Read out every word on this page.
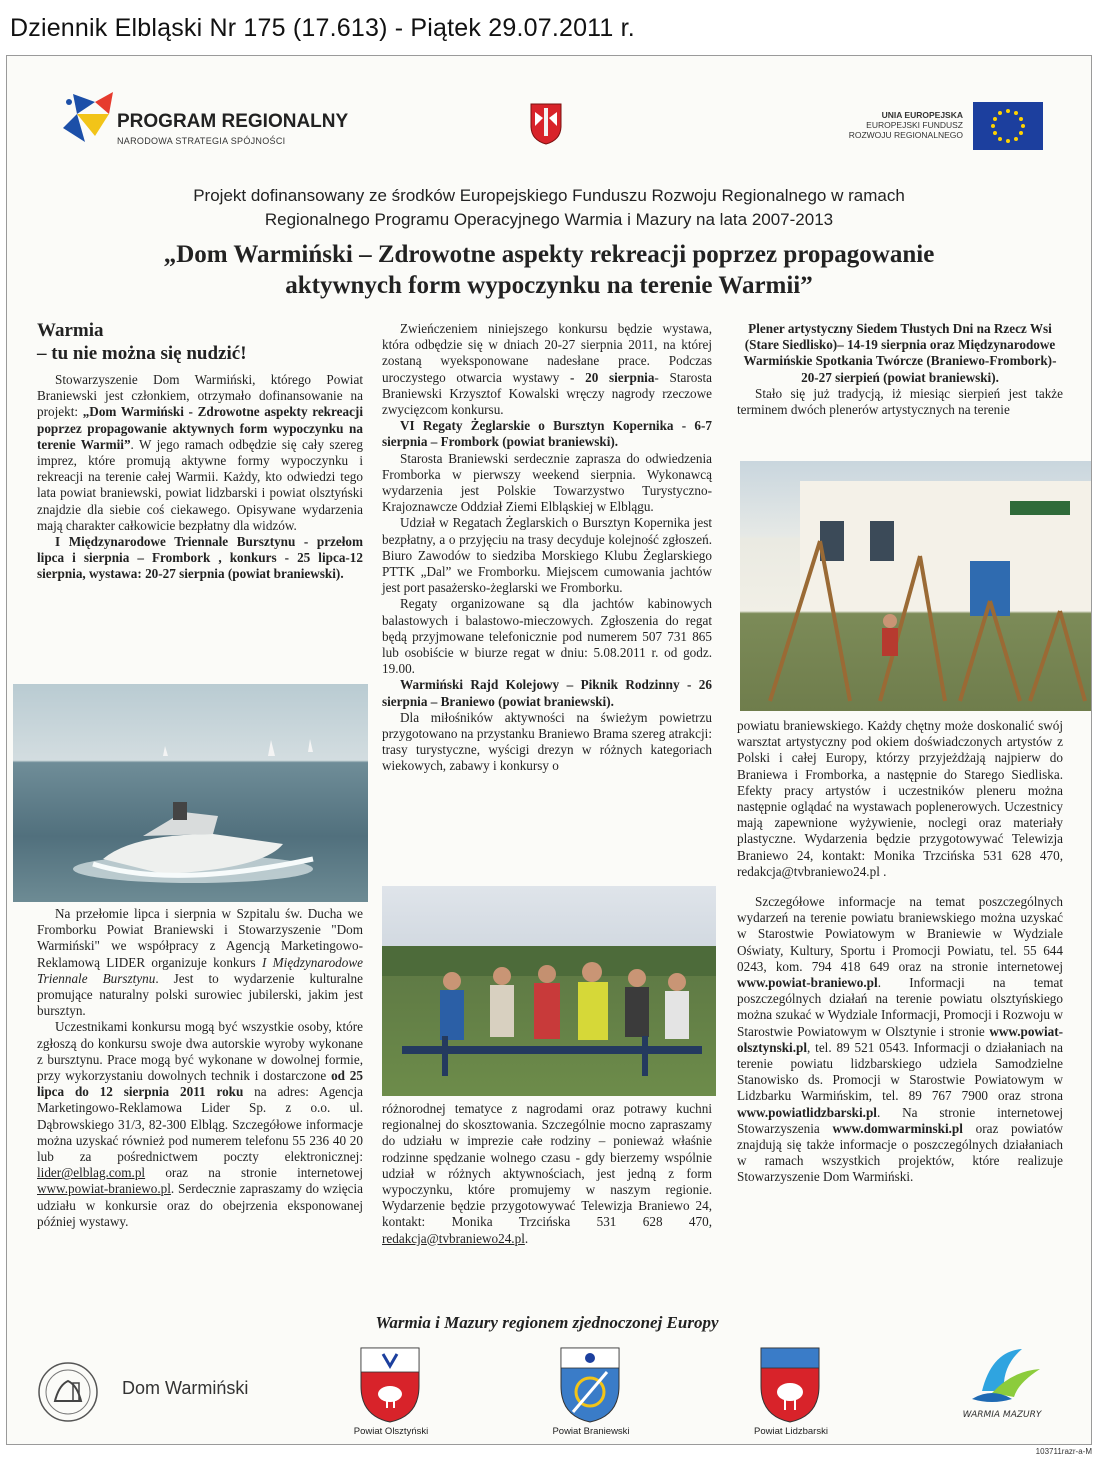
Dziennik Elbląski Nr 175 (17.613) - Piątek 29.07.2011 r.
PROGRAM REGIONALNY
NARODOWA STRATEGIA SPÓJNOŚCI
UNIA EUROPEJSKA
EUROPEJSKI FUNDUSZ
ROZWOJU REGIONALNEGO
Projekt dofinansowany ze środków Europejskiego Funduszu Rozwoju Regionalnego w ramach
Regionalnego Programu Operacyjnego Warmia i Mazury na lata 2007-2013
„Dom Warmiński – Zdrowotne aspekty rekreacji poprzez propagowanie
aktywnych form wypoczynku na terenie Warmii”
Warmia
– tu nie można się nudzić!

Stowarzyszenie Dom Warmiński, którego Powiat Braniewski jest członkiem, otrzymało dofinansowanie na projekt: „Dom Warmiński - Zdrowotne aspekty rekreacji poprzez propagowanie aktywnych form wypoczynku na terenie Warmii”. W jego ramach odbędzie się cały szereg imprez, które promują aktywne formy wypoczynku i rekreacji na terenie całej Warmii. Każdy, kto odwiedzi tego lata powiat braniewski, powiat lidzbarski i powiat olsztyński znajdzie dla siebie coś ciekawego. Opisywane wydarzenia mają charakter całkowicie bezpłatny dla widzów.

I Międzynarodowe Triennale Bursztynu - przełom lipca i sierpnia – Frombork , konkurs - 25 lipca-12 sierpnia, wystawa: 20-27 sierpnia (powiat braniewski).

Na przełomie lipca i sierpnia w Szpitalu św. Ducha we Fromborku Powiat Braniewski i Stowarzyszenie "Dom Warmiński" we współpracy z Agencją Marketingowo-Reklamową LIDER organizuje konkurs I Międzynarodowe Triennale Bursztynu. Jest to wydarzenie kulturalne promujące naturalny polski surowiec jubilerski, jakim jest bursztyn.

Uczestnikami konkursu mogą być wszystkie osoby, które zgłoszą do konkursu swoje dwa autorskie wyroby wykonane z bursztynu. Prace mogą być wykonane w dowolnej formie, przy wykorzystaniu dowolnych technik i dostarczone od 25 lipca do 12 sierpnia 2011 roku na adres: Agencja Marketingowo-Reklamowa Lider Sp. z o.o. ul. Dąbrowskiego 31/3, 82-300 Elbląg. Szczegółowe informacje można uzyskać również pod numerem telefonu 55 236 40 20 lub za pośrednictwem poczty elektronicznej: lider@elblag.com.pl oraz na stronie internetowej www.powiat-braniewo.pl. Serdecznie zapraszamy do wzięcia udziału w konkursie oraz do obejrzenia eksponowanej później wystawy.

Zwieńczeniem niniejszego konkursu będzie wystawa, która odbędzie się w dniach 20-27 sierpnia 2011, na której zostaną wyeksponowane nadesłane prace. Podczas uroczystego otwarcia wystawy - 20 sierpnia- Starosta Braniewski Krzysztof Kowalski wręczy nagrody rzeczowe zwycięzcom konkursu.

VI Regaty Żeglarskie o Bursztyn Kopernika - 6-7 sierpnia – Frombork (powiat braniewski).

Starosta Braniewski serdecznie zaprasza do odwiedzenia Fromborka w pierwszy weekend sierpnia. Wykonawcą wydarzenia jest Polskie Towarzystwo Turystyczno-Krajoznawcze Oddział Ziemi Elbląskiej w Elblągu.

Udział w Regatach Żeglarskich o Bursztyn Kopernika jest bezpłatny, a o przyjęciu na trasy decyduje kolejność zgłoszeń. Biuro Zawodów to siedziba Morskiego Klubu Żeglarskiego PTTK „Dal” we Fromborku. Miejscem cumowania jachtów jest port pasażersko-żeglarski we Fromborku.

Regaty organizowane są dla jachtów kabinowych balastowych i balastowo-mieczowych. Zgłoszenia do regat będą przyjmowane telefonicznie pod numerem 507 731 865 lub osobiście w biurze regat w dniu: 5.08.2011 r. od godz. 19.00.

Warmiński Rajd Kolejowy – Piknik Rodzinny - 26 sierpnia – Braniewo (powiat braniewski).

Dla miłośników aktywności na świeżym powietrzu przygotowano na przystanku Braniewo Brama szereg atrakcji: trasy turystyczne, wyścigi drezyn w różnych kategoriach wiekowych, zabawy i konkursy o

różnorodnej tematyce z nagrodami oraz potrawy kuchni regionalnej do skosztowania. Szczególnie mocno zapraszamy do udziału w imprezie całe rodziny – ponieważ właśnie rodzinne spędzanie wolnego czasu - gdy bierzemy wspólnie udział w różnych aktywnościach, jest jedną z form wypoczynku, które promujemy w naszym regionie. Wydarzenie będzie przygotowywać Telewizja Braniewo 24, kontakt: Monika Trzcińska 531 628 470, redakcja@tvbraniewo24.pl.

Plener artystyczny Siedem Tłustych Dni na Rzecz Wsi (Stare Siedlisko)– 14-19 sierpnia oraz Międzynarodowe Warmińskie Spotkania Twórcze (Braniewo-Frombork)- 20-27 sierpień (powiat braniewski).

Stało się już tradycją, iż miesiąc sierpień jest także terminem dwóch plenerów artystycznych na terenie

powiatu braniewskiego. Każdy chętny może doskonalić swój warsztat artystyczny pod okiem doświadczonych artystów z Polski i całej Europy, którzy przyjeżdżają najpierw do Braniewa i Fromborka, a następnie do Starego Siedliska. Efekty pracy artystów i uczestników pleneru można następnie oglądać na wystawach poplenerowych. Uczestnicy mają zapewnione wyżywienie, noclegi oraz materiały plastyczne. Wydarzenia będzie przygotowywać Telewizja Braniewo 24, kontakt: Monika Trzcińska 531 628 470, redakcja@tvbraniewo24.pl .

Szczegółowe informacje na temat poszczególnych wydarzeń na terenie powiatu braniewskiego można uzyskać w Starostwie Powiatowym w Braniewie w Wydziale Oświaty, Kultury, Sportu i Promocji Powiatu, tel. 55 644 0243, kom. 794 418 649 oraz na stronie internetowej www.powiat-braniewo.pl. Informacji na temat poszczególnych działań na terenie powiatu olsztyńskiego można szukać w Wydziale Informacji, Promocji i Rozwoju w Starostwie Powiatowym w Olsztynie i stronie www.powiat-olsztynski.pl, tel. 89 521 0543. Informacji o działaniach na terenie powiatu lidzbarskiego udziela Samodzielne Stanowisko ds. Promocji w Starostwie Powiatowym w Lidzbarku Warmińskim, tel. 89 767 7900 oraz strona www.powiatlidzbarski.pl. Na stronie internetowej Stowarzyszenia www.domwarminski.pl oraz powiatów znajdują się także informacje o poszczególnych działaniach w ramach wszystkich projektów, które realizuje Stowarzyszenie Dom Warmiński.

Warmia i Mazury regionem zjednoczonej Europy
Dom Warmiński
Powiat Olsztyński	Powiat Braniewski	Powiat Lidzbarski
WARMIA MAZURY
103711razr-a-M
